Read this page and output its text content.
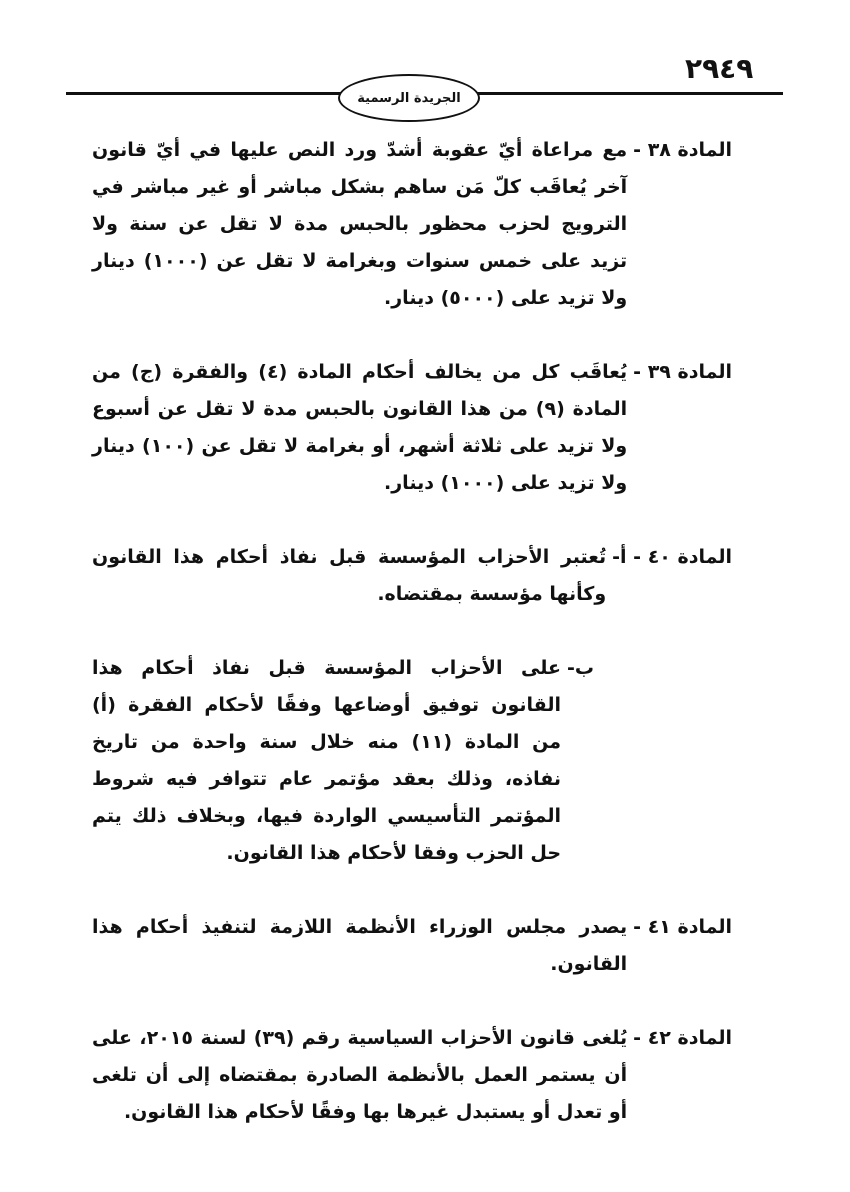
٢٩٤٩
الجريدة الرسمية
المادة ٣٨ -
مع مراعاة أيّ عقوبة أشدّ ورد النص عليها في أيّ قانون آخر يُعاقَب كلّ مَن ساهم بشكل مباشر أو غير مباشر في الترويج لحزب محظور بالحبس مدة لا تقل عن سنة ولا تزيد على خمس سنوات وبغرامة لا تقل عن (١٠٠٠) دينار ولا تزيد على (٥٠٠٠) دينار.
المادة ٣٩ -
يُعاقَب كل من يخالف أحكام المادة (٤) والفقرة (ج) من المادة (٩) من هذا القانون بالحبس مدة لا تقل عن أسبوع ولا تزيد على ثلاثة أشهر، أو بغرامة لا تقل عن (١٠٠) دينار ولا تزيد على (١٠٠٠) دينار.
المادة ٤٠ - أ-
تُعتبر الأحزاب المؤسسة قبل نفاذ أحكام هذا القانون وكأنها مؤسسة بمقتضاه.
ب-
على الأحزاب المؤسسة قبل نفاذ أحكام هذا القانون توفيق أوضاعها وفقًا لأحكام الفقرة (أ) من المادة (١١) منه خلال سنة واحدة من تاريخ نفاذه، وذلك بعقد مؤتمر عام تتوافر فيه شروط المؤتمر التأسيسي الواردة فيها، وبخلاف ذلك يتم حل الحزب وفقا لأحكام هذا القانون.
المادة ٤١ -
يصدر مجلس الوزراء الأنظمة اللازمة لتنفيذ أحكام هذا القانون.
المادة ٤٢ -
يُلغى قانون الأحزاب السياسية رقم (٣٩) لسنة ٢٠١٥، على أن يستمر العمل بالأنظمة الصادرة بمقتضاه إلى أن تلغى أو تعدل أو يستبدل غيرها بها وفقًا لأحكام هذا القانون.
